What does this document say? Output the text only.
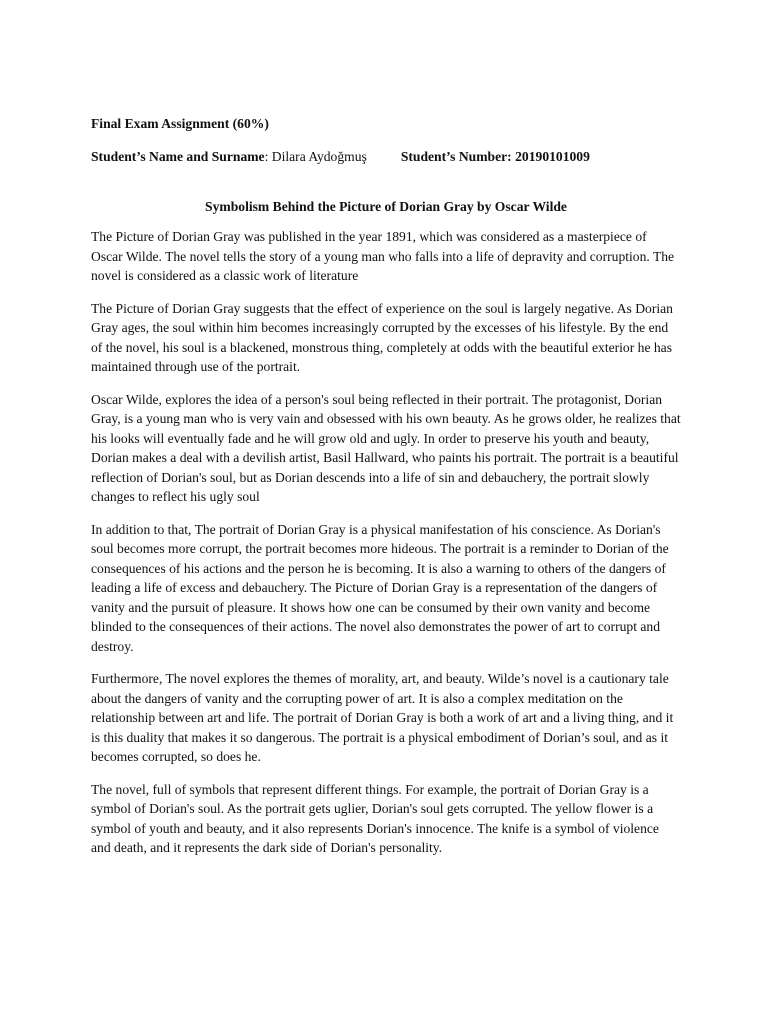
Final Exam Assignment (60%)

Student’s Name and Surname: Dilara Aydoğmuş	Student’s Number: 20190101009

Symbolism Behind the Picture of Dorian Gray by Oscar Wilde

The Picture of Dorian Gray was published in the year 1891, which was considered as a masterpiece of Oscar Wilde. The novel tells the story of a young man who falls into a life of depravity and corruption. The novel is considered as a classic work of literature

The Picture of Dorian Gray suggests that the effect of experience on the soul is largely negative. As Dorian Gray ages, the soul within him becomes increasingly corrupted by the excesses of his lifestyle. By the end of the novel, his soul is a blackened, monstrous thing, completely at odds with the beautiful exterior he has maintained through use of the portrait.

Oscar Wilde, explores the idea of a person's soul being reflected in their portrait. The protagonist, Dorian Gray, is a young man who is very vain and obsessed with his own beauty. As he grows older, he realizes that his looks will eventually fade and he will grow old and ugly. In order to preserve his youth and beauty, Dorian makes a deal with a devilish artist, Basil Hallward, who paints his portrait. The portrait is a beautiful reflection of Dorian's soul, but as Dorian descends into a life of sin and debauchery, the portrait slowly changes to reflect his ugly soul

In addition to that, The portrait of Dorian Gray is a physical manifestation of his conscience. As Dorian's soul becomes more corrupt, the portrait becomes more hideous. The portrait is a reminder to Dorian of the consequences of his actions and the person he is becoming. It is also a warning to others of the dangers of leading a life of excess and debauchery. The Picture of Dorian Gray is a representation of the dangers of vanity and the pursuit of pleasure. It shows how one can be consumed by their own vanity and become blinded to the consequences of their actions. The novel also demonstrates the power of art to corrupt and destroy.

Furthermore, The novel explores the themes of morality, art, and beauty. Wilde’s novel is a cautionary tale about the dangers of vanity and the corrupting power of art. It is also a complex meditation on the relationship between art and life. The portrait of Dorian Gray is both a work of art and a living thing, and it is this duality that makes it so dangerous. The portrait is a physical embodiment of Dorian’s soul, and as it becomes corrupted, so does he.

The novel, full of symbols that represent different things. For example, the portrait of Dorian Gray is a symbol of Dorian's soul. As the portrait gets uglier, Dorian's soul gets corrupted. The yellow flower is a symbol of youth and beauty, and it also represents Dorian's innocence. The knife is a symbol of violence and death, and it represents the dark side of Dorian's personality.
